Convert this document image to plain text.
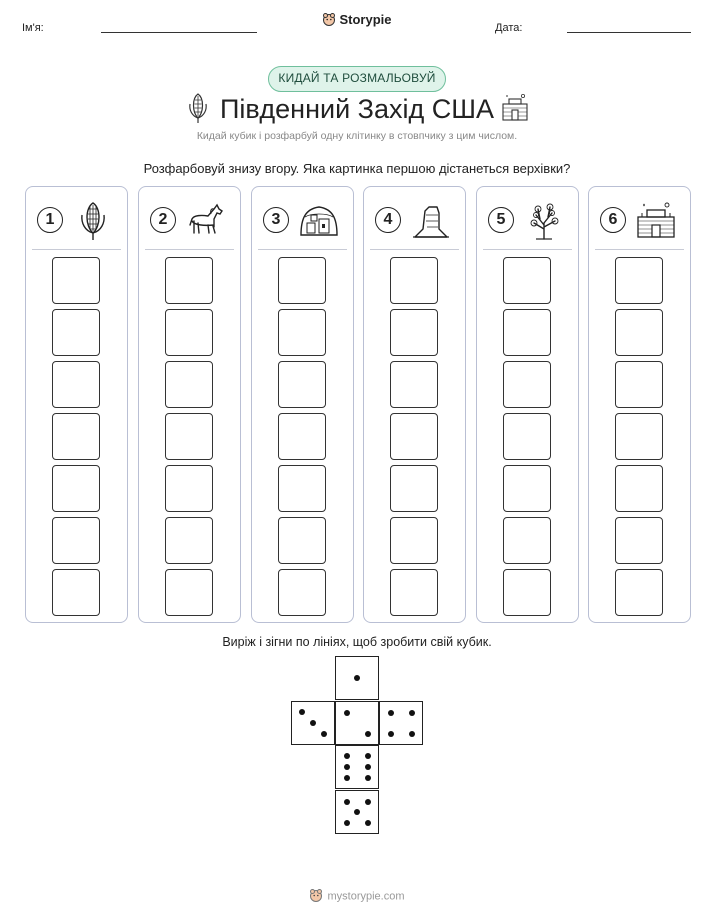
Ім'я:
Storypie
Дата:
КИДАЙ ТА РОЗМАЛЬОВУЙ
Південний Захід США
Кидай кубик і розфарбуй одну клітинку в стовпчику з цим числом.
Розфарбовуй знизу вгору. Яка картинка першою дістанеться верхівки?
1	2	3	4	5	6
Виріж і зігни по лініях, щоб зробити свій кубик.
mystorypie.com
